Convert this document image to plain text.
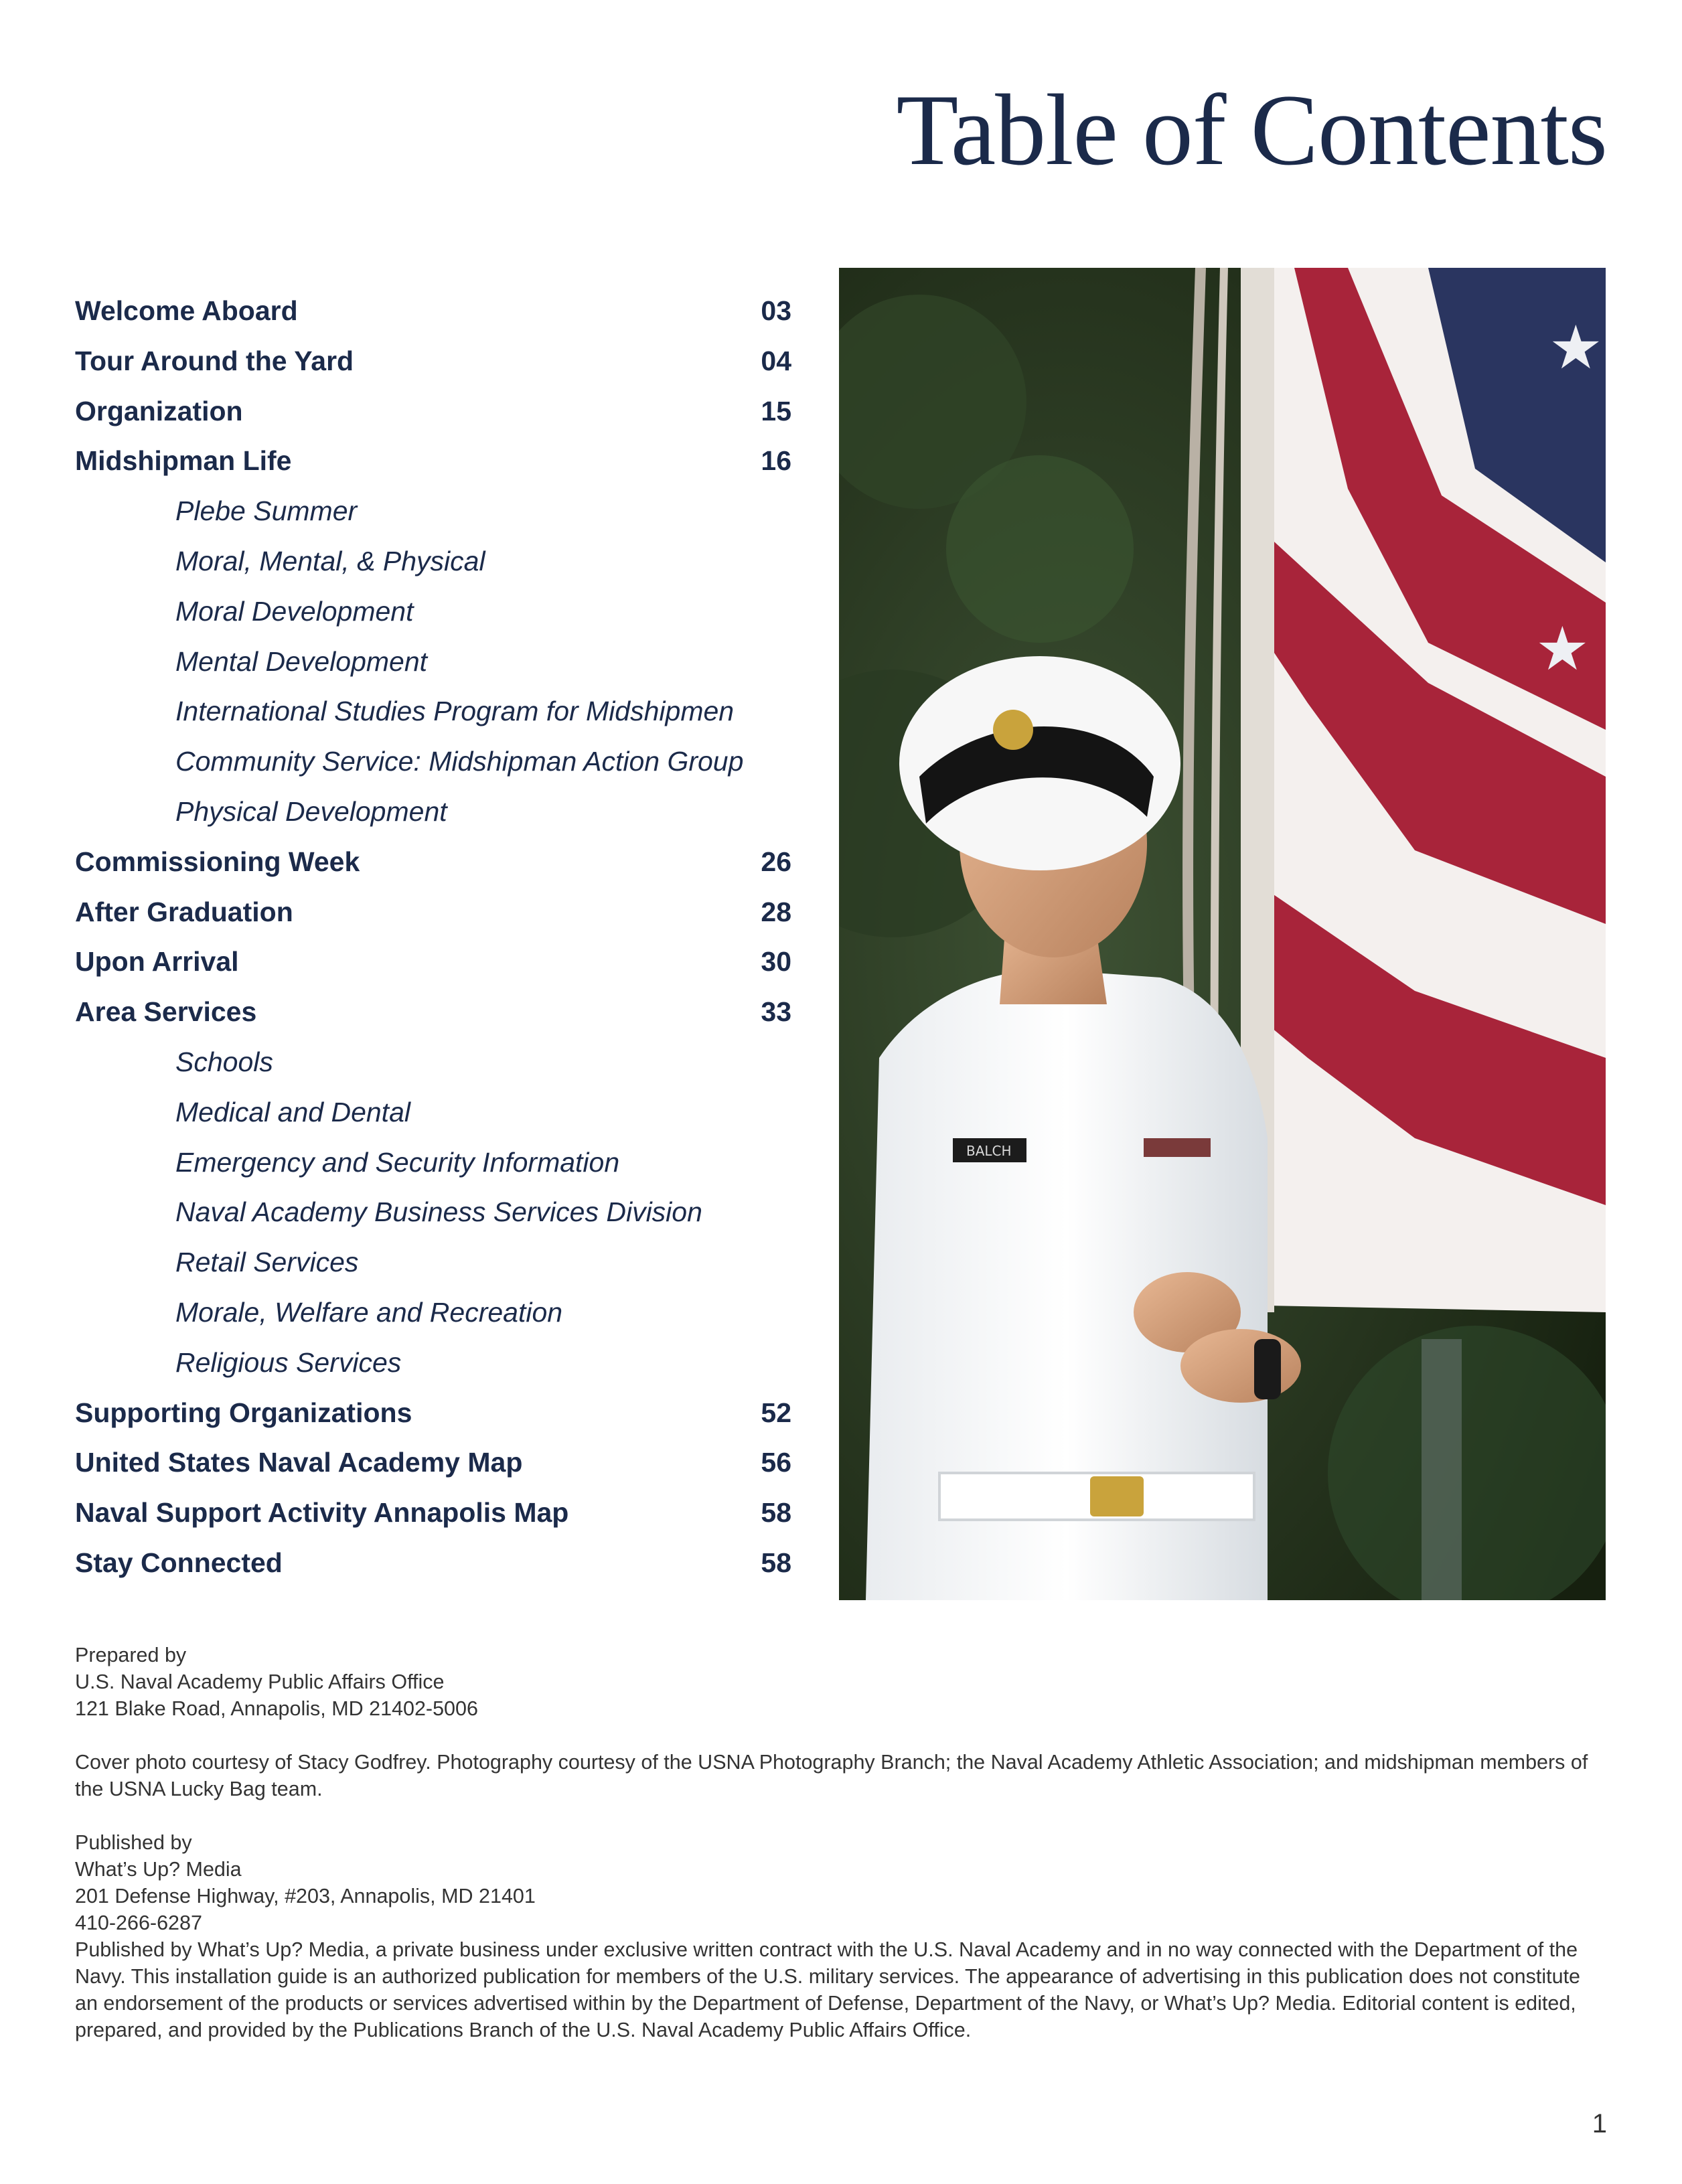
Table of Contents
Welcome Aboard	03
Tour Around the Yard	04
Organization	15
Midshipman Life	16
Plebe Summer
Moral, Mental, & Physical
Moral Development
Mental Development
International Studies Program for Midshipmen
Community Service: Midshipman Action Group
Physical Development
Commissioning Week	26
After Graduation	28
Upon Arrival	30
Area Services	33
Schools
Medical and Dental
Emergency and Security Information
Naval Academy Business Services Division
Retail Services
Morale, Welfare and Recreation
Religious Services
Supporting Organizations	52
United States Naval Academy Map	56
Naval Support Activity Annapolis Map	58
Stay Connected	58
★
★
BALCH

Prepared by

U.S. Naval Academy Public Affairs Office

121 Blake Road, Annapolis, MD 21402-5006

Cover photo courtesy of Stacy Godfrey. Photography courtesy of the USNA Photography Branch; the Naval Academy Athletic Association; and midshipman members of the USNA Lucky Bag team.

Published by

What’s Up? Media

201 Defense Highway, #203, Annapolis, MD 21401

410-266-6287

Published by What’s Up? Media, a private business under exclusive written contract with the U.S. Naval Academy and in no way connected with the Department of the Navy. This installation guide is an authorized publication for members of the U.S. military services. The appearance of advertising in this publication does not constitute an endorsement of the products or services advertised within by the Department of Defense, Department of the Navy, or What’s Up? Media. Editorial content is edited, prepared, and provided by the Publications Branch of the U.S. Naval Academy Public Affairs Office.

1
